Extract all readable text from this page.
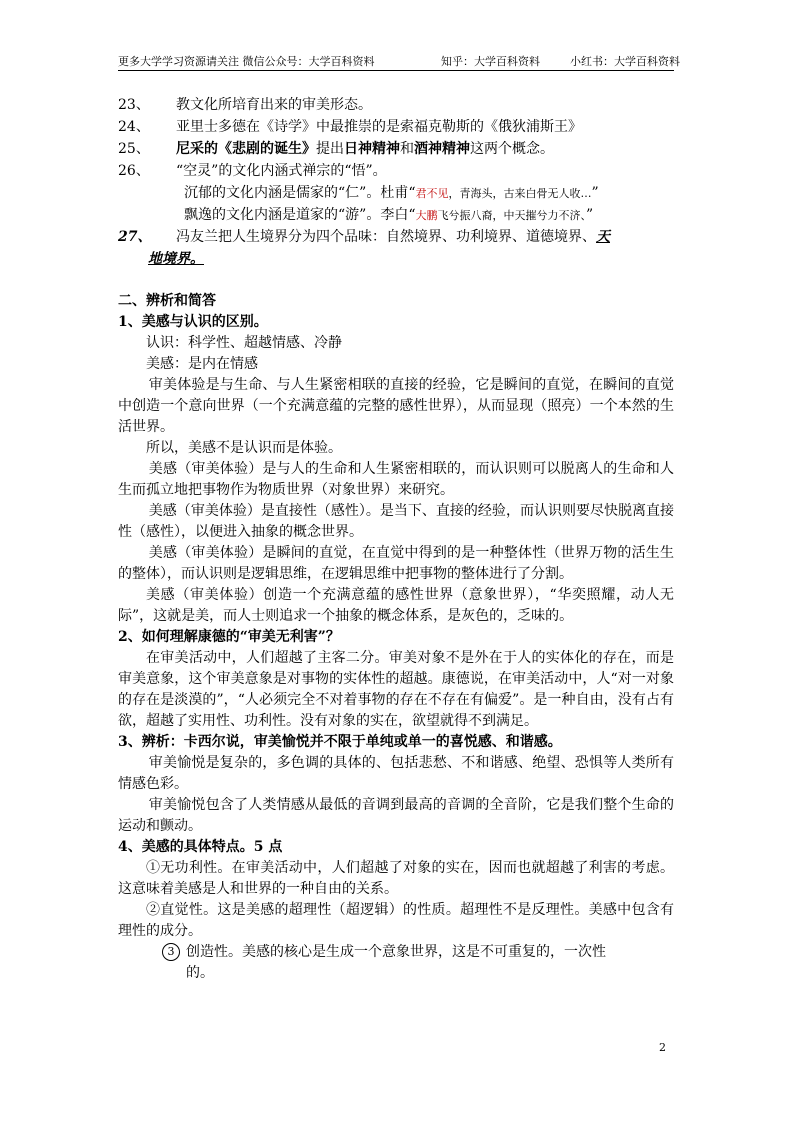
更多大学学习资源请关注 微信公众号：大学百科资料	知乎：大学百科资料	小红书：大学百科资料
23、 教文化所培育出来的审美形态。
24、 亚里士多德在《诗学》中最推崇的是索福克勒斯的《俄狄浦斯王》
25、 尼采的《悲剧的诞生》提出日神精神和酒神精神这两个概念。
26、 “空灵”的文化内涵式禅宗的“悟”。
沉郁的文化内涵是儒家的“仁”。杜甫“君不见，青海头，古来白骨无人收…”
飘逸的文化内涵是道家的“游”。李白“大鹏飞兮振八裔，中天摧兮力不济、”
27、 冯友兰把人生境界分为四个品味：自然境界、功利境界、道德境界、天
地境界。
二、辨析和简答
1、美感与认识的区别。
认识：科学性、超越情感、冷静
美感：是内在情感

审美体验是与生命、与人生紧密相联的直接的经验，它是瞬间的直觉，在瞬间的直觉中创造一个意向世界（一个充满意蕴的完整的感性世界），从而显现（照亮）一个本然的生活世界。

所以，美感不是认识而是体验。

美感（审美体验）是与人的生命和人生紧密相联的，而认识则可以脱离人的生命和人生而孤立地把事物作为物质世界（对象世界）来研究。

美感（审美体验）是直接性（感性）。是当下、直接的经验，而认识则要尽快脱离直接性（感性），以便进入抽象的概念世界。

美感（审美体验）是瞬间的直觉，在直觉中得到的是一种整体性（世界万物的活生生的整体），而认识则是逻辑思维，在逻辑思维中把事物的整体进行了分割。

美感（审美体验）创造一个充满意蕴的感性世界（意象世界），“华奕照耀，动人无际”，这就是美，而人士则追求一个抽象的概念体系，是灰色的，乏味的。

2、如何理解康德的“审美无利害”？

在审美活动中，人们超越了主客二分。审美对象不是外在于人的实体化的存在，而是审美意象，这个审美意象是对事物的实体性的超越。康德说，在审美活动中，人“对一对象的存在是淡漠的”，“人必须完全不对着事物的存在不存在有偏爱”。是一种自由，没有占有欲，超越了实用性、功利性。没有对象的实在，欲望就得不到满足。

3、辨析：卡西尔说，审美愉悦并不限于单纯或单一的喜悦感、和谐感。

审美愉悦是复杂的，多色调的具体的、包括悲愁、不和谐感、绝望、恐惧等人类所有情感色彩。

审美愉悦包含了人类情感从最低的音调到最高的音调的全音阶，它是我们整个生命的运动和颤动。

4、美感的具体特点。5 点

①无功利性。在审美活动中，人们超越了对象的实在，因而也就超越了利害的考虑。这意味着美感是人和世界的一种自由的关系。

②直觉性。这是美感的超理性（超逻辑）的性质。超理性不是反理性。美感中包含有理性的成分。

3 创造性。美感的核心是生成一个意象世界，这是不可重复的，一次性
的。
2
